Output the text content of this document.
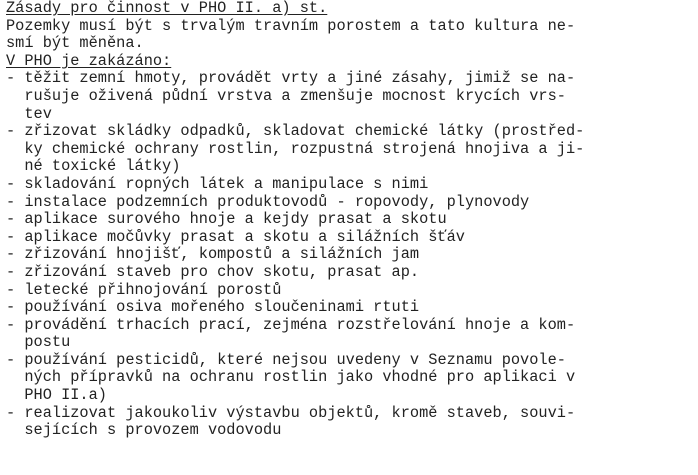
Zásady pro činnost v PHO II. a) st.
Pozemky musí být s trvalým travním porostem a tato kultura ne-
smí být měněna.
V PHO je zakázáno:
- těžit zemní hmoty, provádět vrty a jiné zásahy, jimiž se na-
rušuje oživená půdní vrstva a zmenšuje mocnost krycích vrs-
tev
- zřizovat skládky odpadků, skladovat chemické látky (prostřed-
ky chemické ochrany rostlin, rozpustná strojená hnojiva a ji-
né toxické látky)
- skladování ropných látek a manipulace s nimi
- instalace podzemních produktovodů - ropovody, plynovody
- aplikace surového hnoje a kejdy prasat a skotu
- aplikace močůvky prasat a skotu a silážních šťáv
- zřizování hnojišť, kompostů a silážních jam
- zřizování staveb pro chov skotu, prasat ap.
- letecké přihnojování porostů
- používání osiva mořeného sloučeninami rtuti
- provádění trhacích prací, zejména rozstřelování hnoje a kom-
postu
- používání pesticidů, které nejsou uvedeny v Seznamu povole-
ných přípravků na ochranu rostlin jako vhodné pro aplikaci v
PHO II.a)
- realizovat jakoukoliv výstavbu objektů, kromě staveb, souvi-
sejících s provozem vodovodu
